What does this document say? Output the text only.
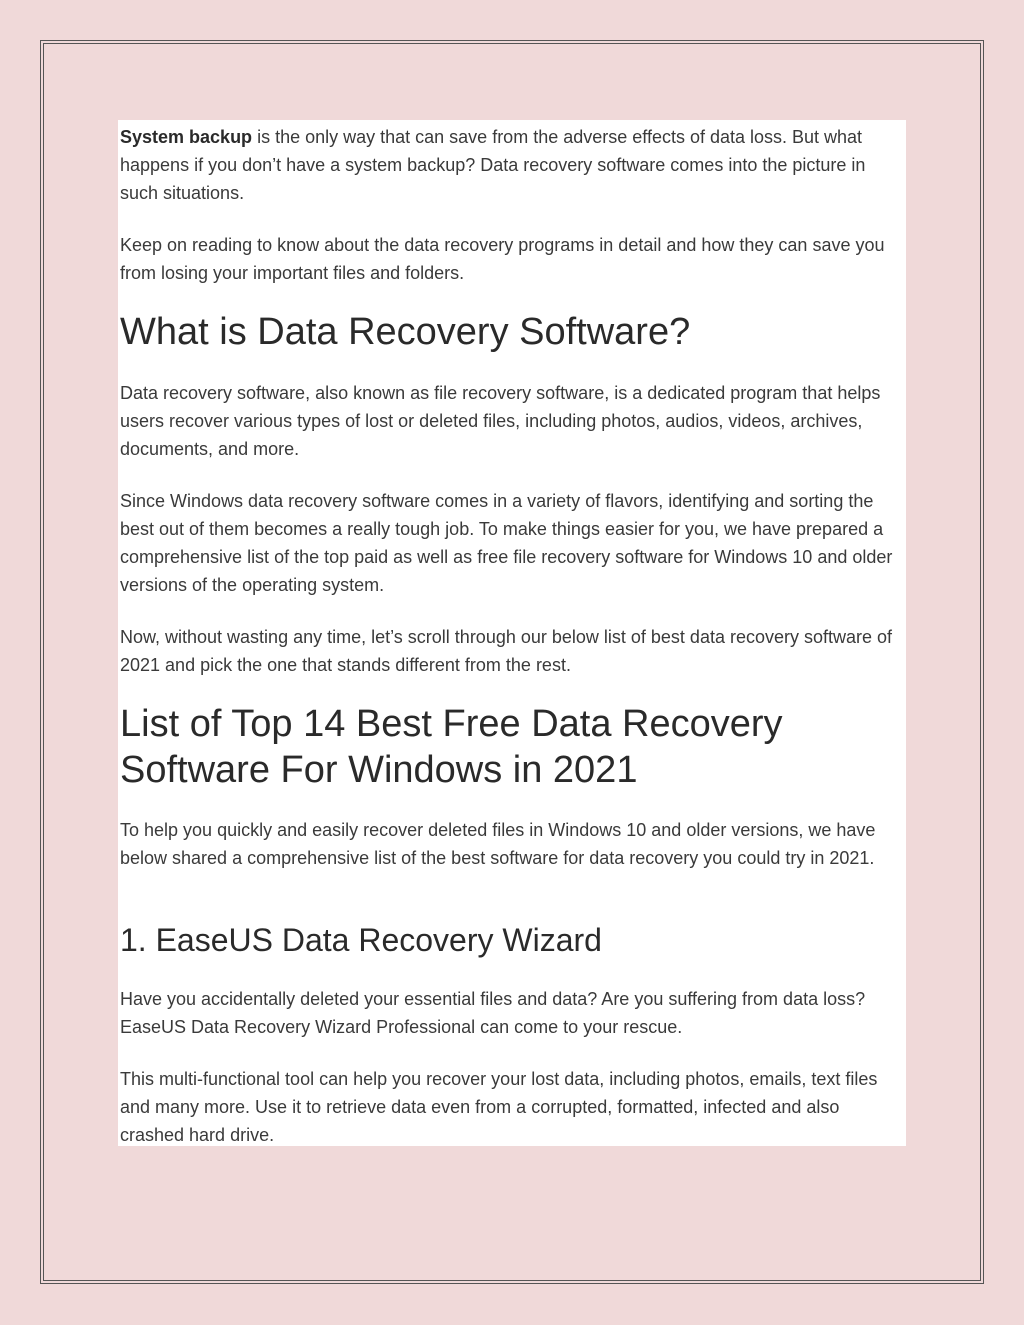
System backup is the only way that can save from the adverse effects of data loss. But what happens if you don’t have a system backup? Data recovery software comes into the picture in such situations.

Keep on reading to know about the data recovery programs in detail and how they can save you from losing your important files and folders.

What is Data Recovery Software?

Data recovery software, also known as file recovery software, is a dedicated program that helps users recover various types of lost or deleted files, including photos, audios, videos, archives, documents, and more.

Since Windows data recovery software comes in a variety of flavors, identifying and sorting the best out of them becomes a really tough job. To make things easier for you, we have prepared a comprehensive list of the top paid as well as free file recovery software for Windows 10 and older versions of the operating system.

Now, without wasting any time, let’s scroll through our below list of best data recovery software of 2021 and pick the one that stands different from the rest.

List of Top 14 Best Free Data Recovery Software For Windows in 2021

To help you quickly and easily recover deleted files in Windows 10 and older versions, we have below shared a comprehensive list of the best software for data recovery you could try in 2021.

1. EaseUS Data Recovery Wizard

Have you accidentally deleted your essential files and data? Are you suffering from data loss? EaseUS Data Recovery Wizard Professional can come to your rescue.

This multi-functional tool can help you recover your lost data, including photos, emails, text files and many more. Use it to retrieve data even from a corrupted, formatted, infected and also crashed hard drive.
